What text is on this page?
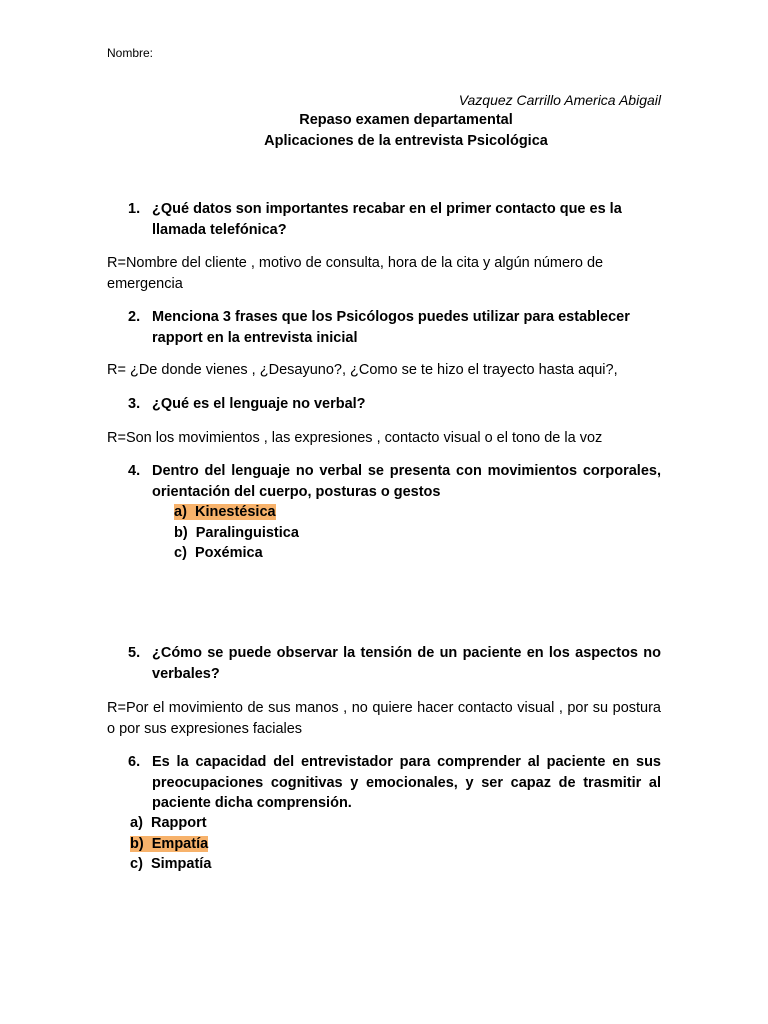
Nombre:
Vazquez Carrillo America Abigail
Repaso examen departamental
Aplicaciones de la entrevista Psicológica
1. ¿Qué datos son importantes recabar en el primer contacto que es la llamada telefónica?
R=Nombre del cliente , motivo de consulta, hora de la cita y algún número de emergencia
2. Menciona 3 frases que los Psicólogos puedes utilizar para establecer rapport en la entrevista inicial
R= ¿De donde vienes , ¿Desayuno?, ¿Como se te hizo el trayecto hasta aqui?,
3. ¿Qué es el lenguaje no verbal?
R=Son los movimientos , las expresiones , contacto visual o el tono de la voz
4. Dentro del lenguaje no verbal se presenta con movimientos corporales, orientación del cuerpo, posturas o gestos
a) Kinestésica
b) Paralinguistica
c) Poxémica
5. ¿Cómo se puede observar la tensión de un paciente en los aspectos no verbales?
R=Por el movimiento de sus manos , no quiere hacer contacto visual , por su postura o por sus expresiones faciales
6. Es la capacidad del entrevistador para comprender al paciente en sus preocupaciones cognitivas y emocionales, y ser capaz de trasmitir al paciente dicha comprensión.
a) Rapport
b) Empatía
c) Simpatía
